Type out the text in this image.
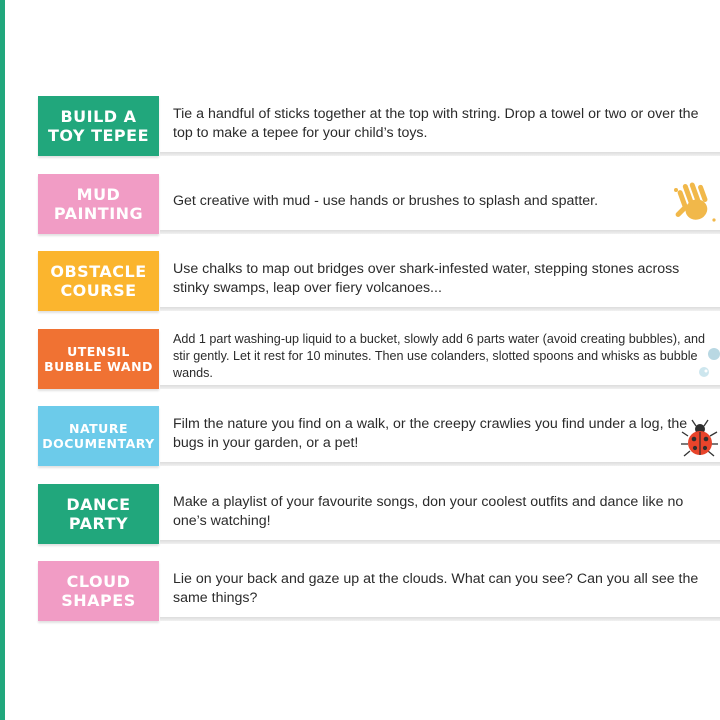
BUILD A
TOY TEPEE

Tie a handful of sticks together at the top with string. Drop a towel or two or over the top to make a tepee for your child’s toys.

MUD
PAINTING

Get creative with mud - use hands or brushes to splash and spatter.

OBSTACLE
COURSE

Use chalks to map out bridges over shark-infested water, stepping stones across stinky swamps, leap over fiery volcanoes...

UTENSIL
BUBBLE WAND

Add 1 part washing-up liquid to a bucket, slowly add 6 parts water (avoid creating bubbles), and stir gently. Let it rest for 10 minutes. Then use colanders, slotted spoons and whisks as bubble wands.

NATURE
DOCUMENTARY

Film the nature you find on a walk, or the creepy crawlies you find under a log, the bugs in your garden, or a pet!

DANCE
PARTY

Make a playlist of your favourite songs, don your coolest outfits and dance like no one’s watching!

CLOUD
SHAPES

Lie on your back and gaze up at the clouds. What can you see? Can you all see the same things?
